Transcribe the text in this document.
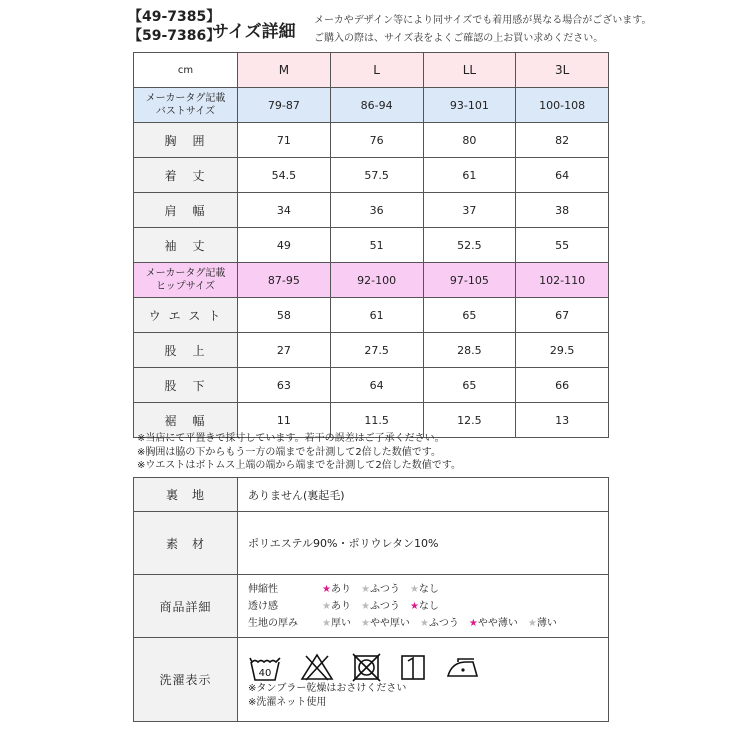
【49-7385】
【59-7386】
サイズ詳細
メーカやデザイン等により同サイズでも着用感が異なる場合がございます。
ご購入の際は、サイズ表をよくご確認の上お買い求めください。
cm	M	L	LL	3L

メーカータグ記載
バストサイズ	79-87	86-94	93-101	100-108
胸　囲	71	76	80	82
着　丈	54.5	57.5	61	64
肩　幅	34	36	37	38
袖　丈	49	51	52.5	55

メーカータグ記載
ヒップサイズ	87-95	92-100	97-105	102-110
ウ エ ス ト	58	61	65	67
股　上	27	27.5	28.5	29.5
股　下	63	64	65	66
裾　幅	11	11.5	12.5	13
※当店にて平置きで採寸しています。若干の誤差はご了承ください。
※胸囲は脇の下からもう一方の端までを計測して2倍した数値です。
※ウエストはボトムス上端の端から端までを計測して2倍した数値です。
裏　地	ありません(裏起毛)
素　材	ポリエステル90%・ポリウレタン10%
商品詳細	伸縮性 ★あり ★ふつう ★なし
透け感 ★あり ★ふつう ★なし
生地の厚み ★厚い ★やや厚い ★ふつう ★やや薄い ★薄い

洗濯表示	40
※タンブラー乾燥はおさけください
※洗濯ネット使用
